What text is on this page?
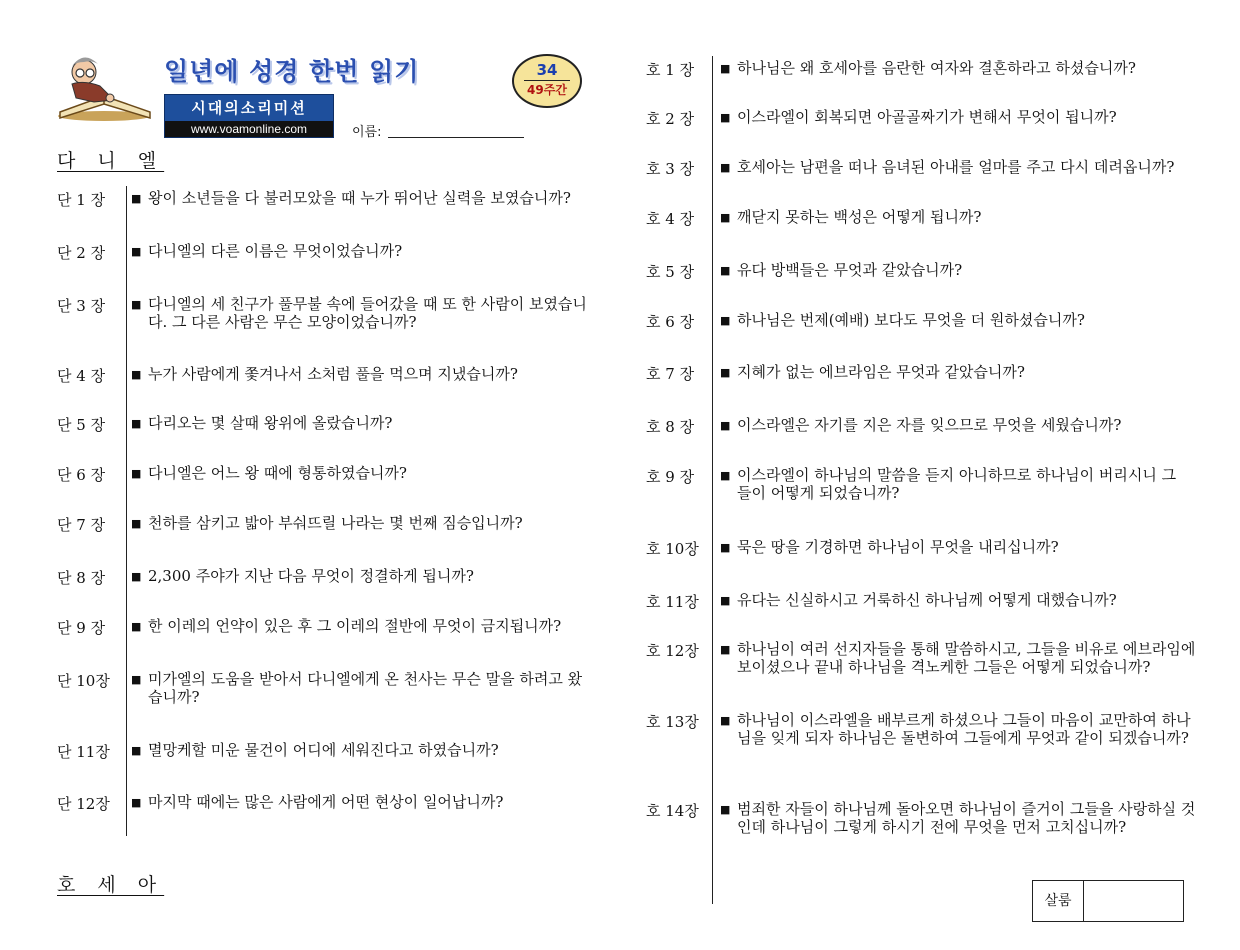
일년에 성경 한번 읽기	34
49주간
시대의소리미션
www.voamonline.com	이름:
다 니 엘
호 세 아
단 1 장 ■ 왕이 소년들을 다 불러모았을 때 누가 뛰어난 실력을 보였습니까?
단 2 장 ■ 다니엘의 다른 이름은 무엇이었습니까?
단 3 장 ■ 다니엘의 세 친구가 풀무불 속에 들어갔을 때 또 한 사람이 보였습니다. 그 다른 사람은 무슨 모양이었습니까?
단 4 장 ■ 누가 사람에게 쫓겨나서 소처럼 풀을 먹으며 지냈습니까?
단 5 장 ■ 다리오는 몇 살때 왕위에 올랐습니까?
단 6 장 ■ 다니엘은 어느 왕 때에 형통하였습니까?
단 7 장 ■ 천하를 삼키고 밟아 부숴뜨릴 나라는 몇 번째 짐승입니까?
단 8 장 ■ 2,300 주야가 지난 다음 무엇이 정결하게 됩니까?
단 9 장 ■ 한 이레의 언약이 있은 후 그 이레의 절반에 무엇이 금지됩니까?
단 10장 ■ 미가엘의 도움을 받아서 다니엘에게 온 천사는 무슨 말을 하려고 왔습니까?
단 11장 ■ 멸망케할 미운 물건이 어디에 세워진다고 하였습니까?
단 12장 ■ 마지막 때에는 많은 사람에게 어떤 현상이 일어납니까?
호 1 장 ■ 하나님은 왜 호세아를 음란한 여자와 결혼하라고 하셨습니까?
호 2 장 ■ 이스라엘이 회복되면 아골골짜기가 변해서 무엇이 됩니까?
호 3 장 ■ 호세아는 남편을 떠나 음녀된 아내를 얼마를 주고 다시 데려옵니까?
호 4 장 ■ 깨닫지 못하는 백성은 어떻게 됩니까?
호 5 장 ■ 유다 방백들은 무엇과 같았습니까?
호 6 장 ■ 하나님은 번제(예배) 보다도 무엇을 더 원하셨습니까?
호 7 장 ■ 지혜가 없는 에브라임은 무엇과 같았습니까?
호 8 장 ■ 이스라엘은 자기를 지은 자를 잊으므로 무엇을 세웠습니까?
호 9 장 ■ 이스라엘이 하나님의 말씀을 듣지 아니하므로 하나님이 버리시니 그들이 어떻게 되었습니까?
호 10장 ■ 묵은 땅을 기경하면 하나님이 무엇을 내리십니까?
호 11장 ■ 유다는 신실하시고 거룩하신 하나님께 어떻게 대했습니까?
호 12장 ■ 하나님이 여러 선지자들을 통해 말씀하시고, 그들을 비유로 에브라임에 보이셨으나 끝내 하나님을 격노케한 그들은 어떻게 되었습니까?
호 13장 ■ 하나님이 이스라엘을 배부르게 하셨으나 그들이 마음이 교만하여 하나님을 잊게 되자 하나님은 돌변하여 그들에게 무엇과 같이 되겠습니까?
호 14장 ■ 범죄한 자들이 하나님께 돌아오면 하나님이 즐거이 그들을 사랑하실 것인데 하나님이 그렇게 하시기 전에 무엇을 먼저 고치십니까?
살룸
